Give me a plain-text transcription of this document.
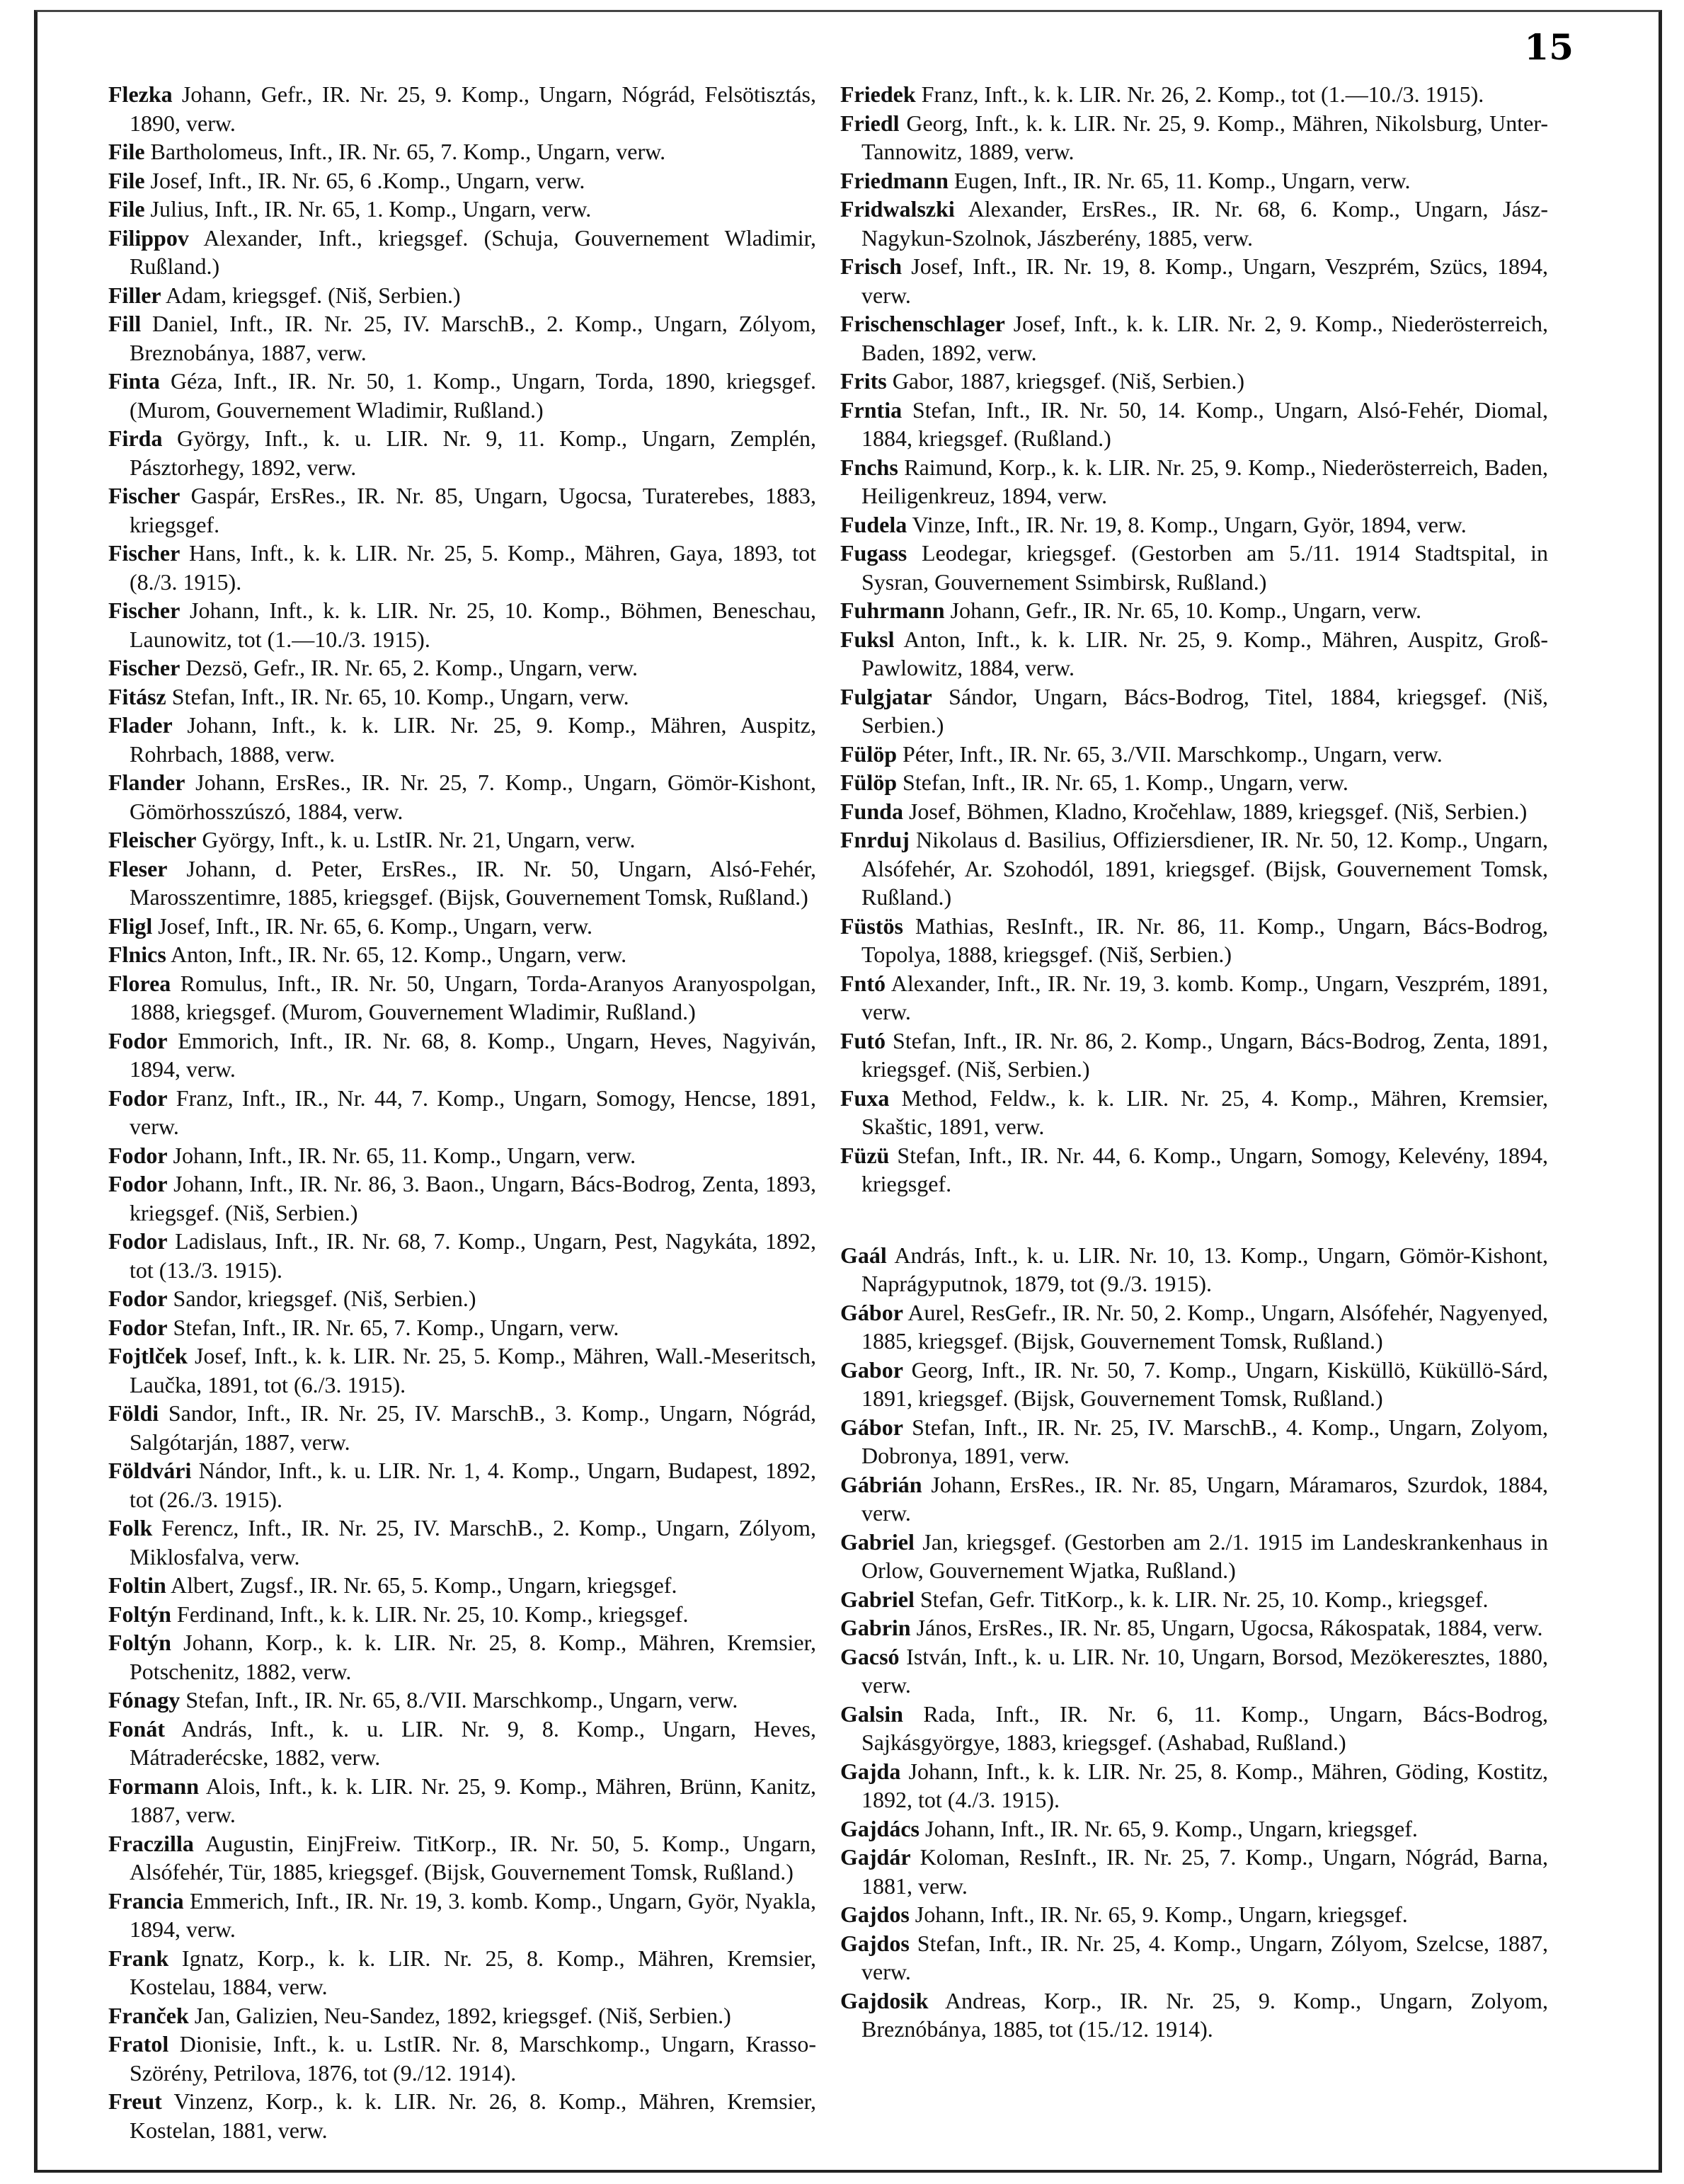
15

Flezka Johann, Gefr., IR. Nr. 25, 9. Komp., Ungarn, Nógrád, Felsötisztás, 1890, verw.

File Bartholomeus, Inft., IR. Nr. 65, 7. Komp., Ungarn, verw.

File Josef, Inft., IR. Nr. 65, 6 .Komp., Ungarn, verw.

File Julius, Inft., IR. Nr. 65, 1. Komp., Ungarn, verw.

Filippov Alexander, Inft., kriegsgef. (Schuja, Gouvernement Wladimir, Rußland.)

Filler Adam, kriegsgef. (Niš, Serbien.)

Fill Daniel, Inft., IR. Nr. 25, IV. MarschB., 2. Komp., Ungarn, Zólyom, Breznobánya, 1887, verw.

Finta Géza, Inft., IR. Nr. 50, 1. Komp., Ungarn, Torda, 1890, kriegsgef. (Murom, Gouvernement Wladimir, Rußland.)

Firda György, Inft., k. u. LIR. Nr. 9, 11. Komp., Ungarn, Zemplén, Pásztorhegy, 1892, verw.

Fischer Gaspár, ErsRes., IR. Nr. 85, Ungarn, Ugocsa, Turaterebes, 1883, kriegsgef.

Fischer Hans, Inft., k. k. LIR. Nr. 25, 5. Komp., Mähren, Gaya, 1893, tot (8./3. 1915).

Fischer Johann, Inft., k. k. LIR. Nr. 25, 10. Komp., Böhmen, Beneschau, Launowitz, tot (1.—10./3. 1915).

Fischer Dezsö, Gefr., IR. Nr. 65, 2. Komp., Ungarn, verw.

Fitász Stefan, Inft., IR. Nr. 65, 10. Komp., Ungarn, verw.

Flader Johann, Inft., k. k. LIR. Nr. 25, 9. Komp., Mähren, Auspitz, Rohrbach, 1888, verw.

Flander Johann, ErsRes., IR. Nr. 25, 7. Komp., Ungarn, Gömör-Kishont, Gömörhosszúszó, 1884, verw.

Fleischer György, Inft., k. u. LstIR. Nr. 21, Ungarn, verw.

Fleser Johann, d. Peter, ErsRes., IR. Nr. 50, Ungarn, Alsó-Fehér, Marosszentimre, 1885, kriegsgef. (Bijsk, Gouvernement Tomsk, Rußland.)

Fligl Josef, Inft., IR. Nr. 65, 6. Komp., Ungarn, verw.

Flnics Anton, Inft., IR. Nr. 65, 12. Komp., Ungarn, verw.

Florea Romulus, Inft., IR. Nr. 50, Ungarn, Torda-Aranyos Aranyospolgan, 1888, kriegsgef. (Murom, Gouvernement Wladimir, Rußland.)

Fodor Emmorich, Inft., IR. Nr. 68, 8. Komp., Ungarn, Heves, Nagyiván, 1894, verw.

Fodor Franz, Inft., IR., Nr. 44, 7. Komp., Ungarn, Somogy, Hencse, 1891, verw.

Fodor Johann, Inft., IR. Nr. 65, 11. Komp., Ungarn, verw.

Fodor Johann, Inft., IR. Nr. 86, 3. Baon., Ungarn, Bács-Bodrog, Zenta, 1893, kriegsgef. (Niš, Serbien.)

Fodor Ladislaus, Inft., IR. Nr. 68, 7. Komp., Ungarn, Pest, Nagykáta, 1892, tot (13./3. 1915).

Fodor Sandor, kriegsgef. (Niš, Serbien.)

Fodor Stefan, Inft., IR. Nr. 65, 7. Komp., Ungarn, verw.

Fojtlček Josef, Inft., k. k. LIR. Nr. 25, 5. Komp., Mähren, Wall.-Meseritsch, Laučka, 1891, tot (6./3. 1915).

Földi Sandor, Inft., IR. Nr. 25, IV. MarschB., 3. Komp., Ungarn, Nógrád, Salgótarján, 1887, verw.

Földvári Nándor, Inft., k. u. LIR. Nr. 1, 4. Komp., Ungarn, Budapest, 1892, tot (26./3. 1915).

Folk Ferencz, Inft., IR. Nr. 25, IV. MarschB., 2. Komp., Ungarn, Zólyom, Miklosfalva, verw.

Foltin Albert, Zugsf., IR. Nr. 65, 5. Komp., Ungarn, kriegsgef.

Foltýn Ferdinand, Inft., k. k. LIR. Nr. 25, 10. Komp., kriegsgef.

Foltýn Johann, Korp., k. k. LIR. Nr. 25, 8. Komp., Mähren, Kremsier, Potschenitz, 1882, verw.

Fónagy Stefan, Inft., IR. Nr. 65, 8./VII. Marschkomp., Ungarn, verw.

Fonát András, Inft., k. u. LIR. Nr. 9, 8. Komp., Ungarn, Heves, Mátraderécske, 1882, verw.

Formann Alois, Inft., k. k. LIR. Nr. 25, 9. Komp., Mähren, Brünn, Kanitz, 1887, verw.

Fraczilla Augustin, EinjFreiw. TitKorp., IR. Nr. 50, 5. Komp., Ungarn, Alsófehér, Tür, 1885, kriegsgef. (Bijsk, Gouvernement Tomsk, Rußland.)

Francia Emmerich, Inft., IR. Nr. 19, 3. komb. Komp., Ungarn, Györ, Nyakla, 1894, verw.

Frank Ignatz, Korp., k. k. LIR. Nr. 25, 8. Komp., Mähren, Kremsier, Kostelau, 1884, verw.

Franček Jan, Galizien, Neu-Sandez, 1892, kriegsgef. (Niš, Serbien.)

Fratol Dionisie, Inft., k. u. LstIR. Nr. 8, Marschkomp., Ungarn, Krasso-Szörény, Petrilova, 1876, tot (9./12. 1914).

Freut Vinzenz, Korp., k. k. LIR. Nr. 26, 8. Komp., Mähren, Kremsier, Kostelan, 1881, verw.

Friedek Franz, Inft., k. k. LIR. Nr. 26, 2. Komp., tot (1.—10./3. 1915).

Friedl Georg, Inft., k. k. LIR. Nr. 25, 9. Komp., Mähren, Nikolsburg, Unter-Tannowitz, 1889, verw.

Friedmann Eugen, Inft., IR. Nr. 65, 11. Komp., Ungarn, verw.

Fridwalszki Alexander, ErsRes., IR. Nr. 68, 6. Komp., Ungarn, Jász-Nagykun-Szolnok, Jászberény, 1885, verw.

Frisch Josef, Inft., IR. Nr. 19, 8. Komp., Ungarn, Veszprém, Szücs, 1894, verw.

Frischenschlager Josef, Inft., k. k. LIR. Nr. 2, 9. Komp., Niederösterreich, Baden, 1892, verw.

Frits Gabor, 1887, kriegsgef. (Niš, Serbien.)

Frntia Stefan, Inft., IR. Nr. 50, 14. Komp., Ungarn, Alsó-Fehér, Diomal, 1884, kriegsgef. (Rußland.)

Fnchs Raimund, Korp., k. k. LIR. Nr. 25, 9. Komp., Niederösterreich, Baden, Heiligenkreuz, 1894, verw.

Fudela Vinze, Inft., IR. Nr. 19, 8. Komp., Ungarn, Györ, 1894, verw.

Fugass Leodegar, kriegsgef. (Gestorben am 5./11. 1914 Stadtspital, in Sysran, Gouvernement Ssimbirsk, Rußland.)

Fuhrmann Johann, Gefr., IR. Nr. 65, 10. Komp., Ungarn, verw.

Fuksl Anton, Inft., k. k. LIR. Nr. 25, 9. Komp., Mähren, Auspitz, Groß-Pawlowitz, 1884, verw.

Fulgjatar Sándor, Ungarn, Bács-Bodrog, Titel, 1884, kriegsgef. (Niš, Serbien.)

Fülöp Péter, Inft., IR. Nr. 65, 3./VII. Marschkomp., Ungarn, verw.

Fülöp Stefan, Inft., IR. Nr. 65, 1. Komp., Ungarn, verw.

Funda Josef, Böhmen, Kladno, Kročehlaw, 1889, kriegsgef. (Niš, Serbien.)

Fnrduj Nikolaus d. Basilius, Offiziersdiener, IR. Nr. 50, 12. Komp., Ungarn, Alsófehér, Ar. Szohodól, 1891, kriegsgef. (Bijsk, Gouvernement Tomsk, Rußland.)

Füstös Mathias, ResInft., IR. Nr. 86, 11. Komp., Ungarn, Bács-Bodrog, Topolya, 1888, kriegsgef. (Niš, Serbien.)

Fntó Alexander, Inft., IR. Nr. 19, 3. komb. Komp., Ungarn, Veszprém, 1891, verw.

Futó Stefan, Inft., IR. Nr. 86, 2. Komp., Ungarn, Bács-Bodrog, Zenta, 1891, kriegsgef. (Niš, Serbien.)

Fuxa Method, Feldw., k. k. LIR. Nr. 25, 4. Komp., Mähren, Kremsier, Skaštic, 1891, verw.

Füzü Stefan, Inft., IR. Nr. 44, 6. Komp., Ungarn, Somogy, Kelevény, 1894, kriegsgef.

Gaál András, Inft., k. u. LIR. Nr. 10, 13. Komp., Ungarn, Gömör-Kishont, Naprágyputnok, 1879, tot (9./3. 1915).

Gábor Aurel, ResGefr., IR. Nr. 50, 2. Komp., Ungarn, Alsófehér, Nagyenyed, 1885, kriegsgef. (Bijsk, Gouvernement Tomsk, Rußland.)

Gabor Georg, Inft., IR. Nr. 50, 7. Komp., Ungarn, Kisküllö, Küküllö-Sárd, 1891, kriegsgef. (Bijsk, Gouvernement Tomsk, Rußland.)

Gábor Stefan, Inft., IR. Nr. 25, IV. MarschB., 4. Komp., Ungarn, Zolyom, Dobronya, 1891, verw.

Gábrián Johann, ErsRes., IR. Nr. 85, Ungarn, Máramaros, Szurdok, 1884, verw.

Gabriel Jan, kriegsgef. (Gestorben am 2./1. 1915 im Landeskrankenhaus in Orlow, Gouvernement Wjatka, Rußland.)

Gabriel Stefan, Gefr. TitKorp., k. k. LIR. Nr. 25, 10. Komp., kriegsgef.

Gabrin János, ErsRes., IR. Nr. 85, Ungarn, Ugocsa, Rákospatak, 1884, verw.

Gacsó István, Inft., k. u. LIR. Nr. 10, Ungarn, Borsod, Mezökeresztes, 1880, verw.

Galsin Rada, Inft., IR. Nr. 6, 11. Komp., Ungarn, Bács-Bodrog, Sajkásgyörgye, 1883, kriegsgef. (Ashabad, Rußland.)

Gajda Johann, Inft., k. k. LIR. Nr. 25, 8. Komp., Mähren, Göding, Kostitz, 1892, tot (4./3. 1915).

Gajdács Johann, Inft., IR. Nr. 65, 9. Komp., Ungarn, kriegsgef.

Gajdár Koloman, ResInft., IR. Nr. 25, 7. Komp., Ungarn, Nógrád, Barna, 1881, verw.

Gajdos Johann, Inft., IR. Nr. 65, 9. Komp., Ungarn, kriegsgef.

Gajdos Stefan, Inft., IR. Nr. 25, 4. Komp., Ungarn, Zólyom, Szelcse, 1887, verw.

Gajdosik Andreas, Korp., IR. Nr. 25, 9. Komp., Ungarn, Zolyom, Breznóbánya, 1885, tot (15./12. 1914).
